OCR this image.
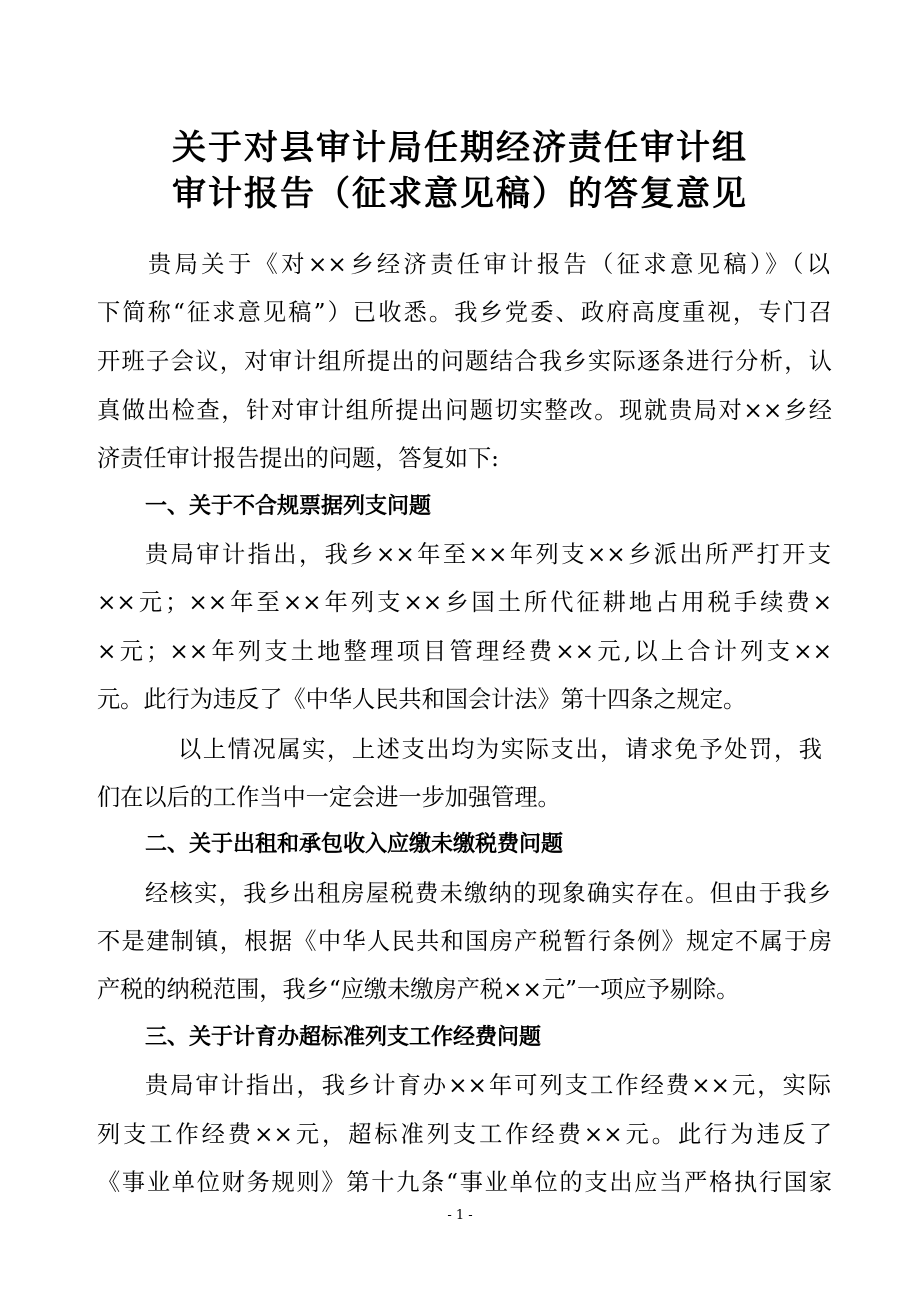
关于对县审计局任期经济责任审计组
审计报告（征求意见稿）的答复意见
贵局关于《对××乡经济责任审计报告（征求意见稿）》（以
下简称“征求意见稿”）已收悉。我乡党委、政府高度重视，专门召
开班子会议，对审计组所提出的问题结合我乡实际逐条进行分析，认
真做出检查，针对审计组所提出问题切实整改。现就贵局对××乡经
济责任审计报告提出的问题，答复如下:
一、关于不合规票据列支问题
贵局审计指出，我乡××年至××年列支××乡派出所严打开支
××元；××年至××年列支××乡国土所代征耕地占用税手续费×
×元；××年列支土地整理项目管理经费××元,以上合计列支××
元。此行为违反了《中华人民共和国会计法》第十四条之规定。
以上情况属实，上述支出均为实际支出，请求免予处罚，我
们在以后的工作当中一定会进一步加强管理。
二、关于出租和承包收入应缴未缴税费问题
经核实，我乡出租房屋税费未缴纳的现象确实存在。但由于我乡
不是建制镇，根据《中华人民共和国房产税暂行条例》规定不属于房
产税的纳税范围，我乡“应缴未缴房产税××元”一项应予剔除。
三、关于计育办超标准列支工作经费问题
贵局审计指出，我乡计育办××年可列支工作经费××元，实际
列支工作经费××元，超标准列支工作经费××元。此行为违反了
《事业单位财务规则》第十九条“事业单位的支出应当严格执行国家
- 1 -
